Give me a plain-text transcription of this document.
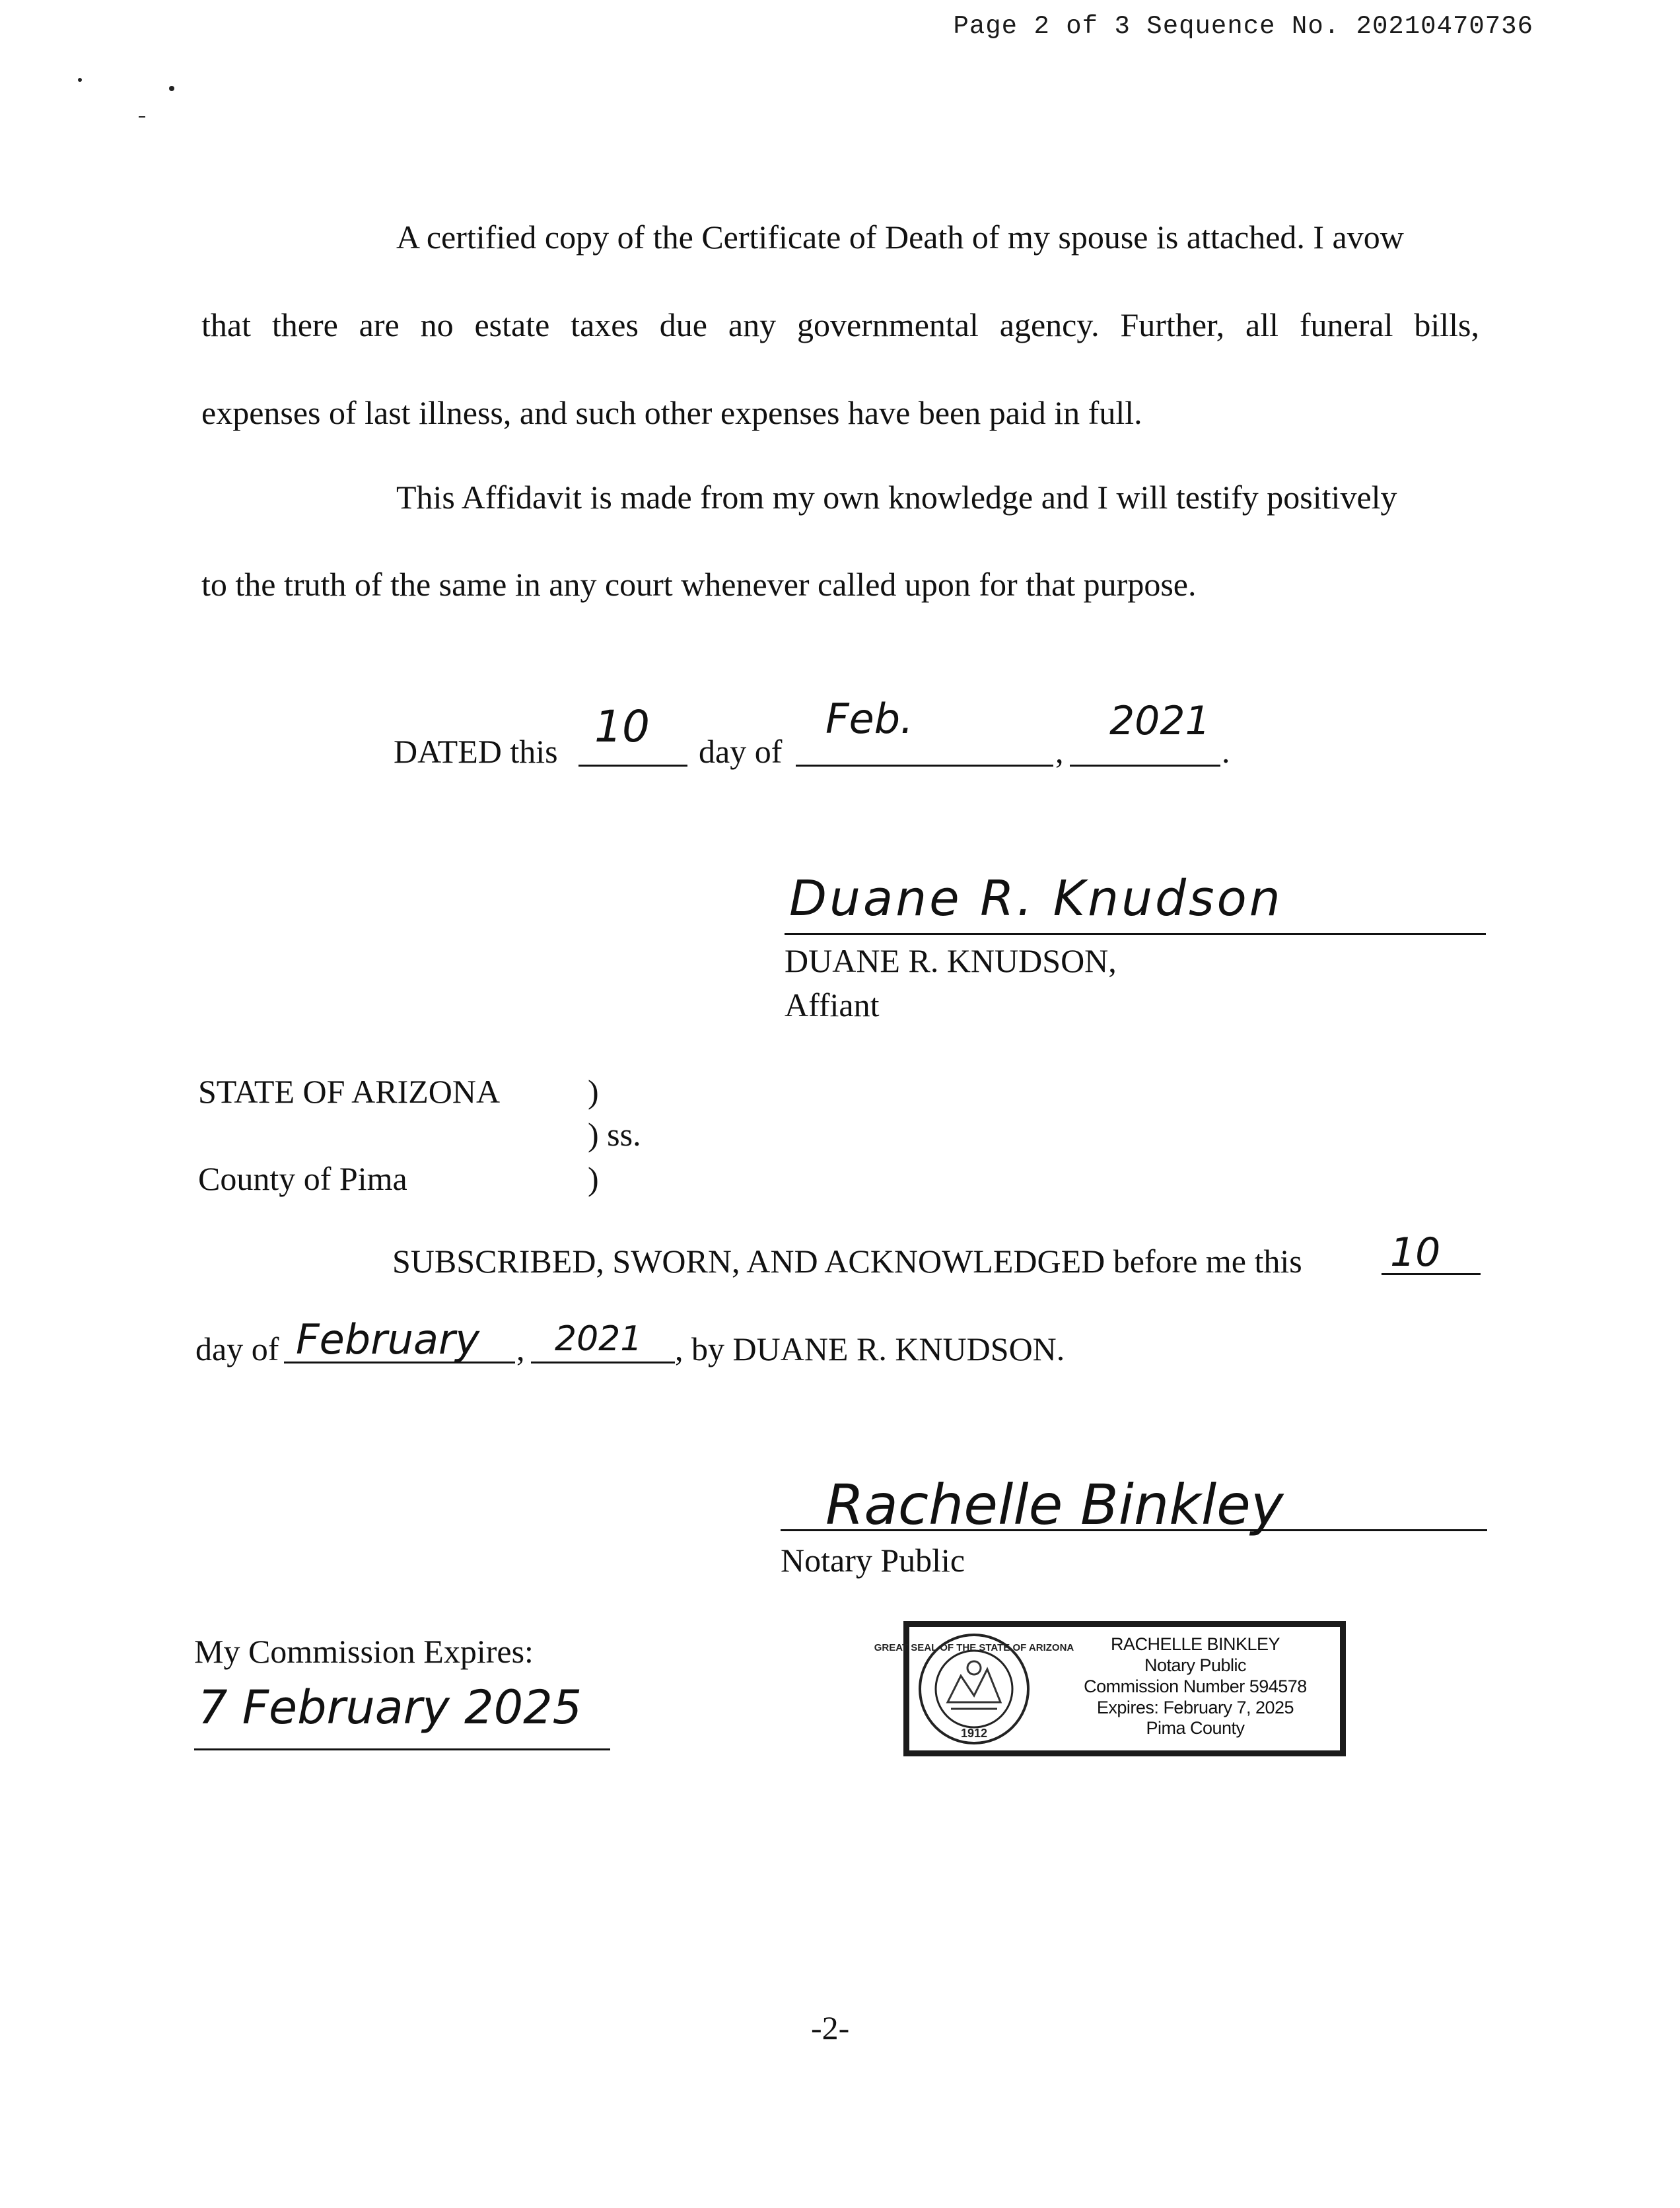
Page 2 of 3 Sequence No. 20210470736
A certified copy of the Certificate of Death of my spouse is attached. I avow
that there are no estate taxes due any governmental agency. Further, all funeral bills,
expenses of last illness, and such other expenses have been paid in full.
This Affidavit is made from my own knowledge and I will testify positively
to the truth of the same in any court whenever called upon for that purpose.
DATED this 10 day of
Feb.
,
2021
.
Duane R. Knudson
DUANE R. KNUDSON,
Affiant
STATE OF ARIZONA	)
) ss.
County of Pima	)
SUBSCRIBED, SWORN, AND ACKNOWLEDGED before me this 10
day of February , 2021 , by DUANE R. KNUDSON.
Rachelle Binkley
Notary Public
My Commission Expires:
7 February 2025
GREAT SEAL OF THE STATE OF ARIZONA
1912
RACHELLE BINKLEY
Notary Public
Commission Number 594578
Expires: February 7, 2025
Pima County
-2-
